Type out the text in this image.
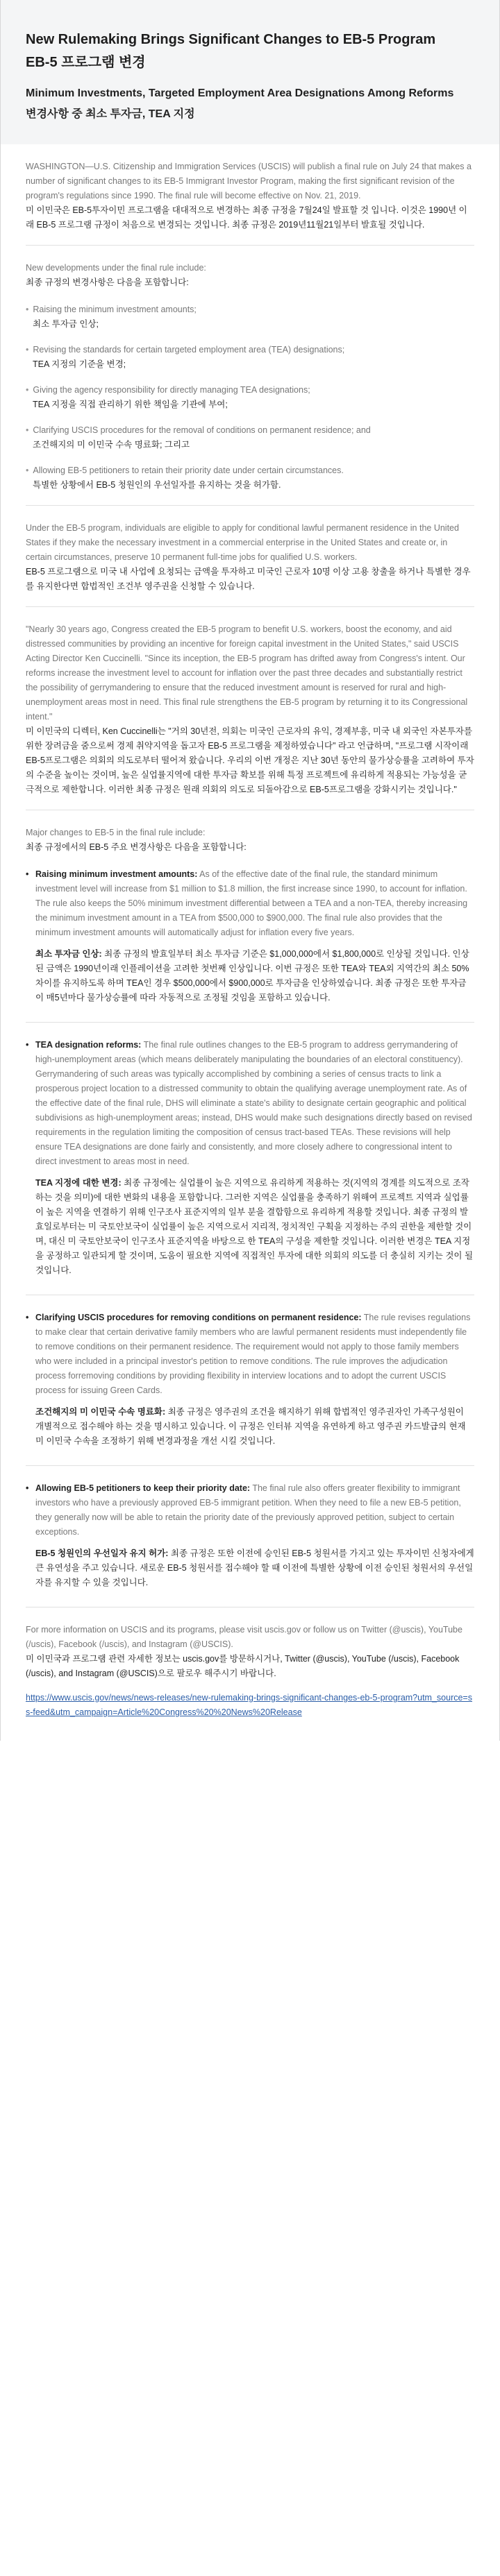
New Rulemaking Brings Significant Changes to EB-5 Program
EB-5 프로그램 변경
Minimum Investments, Targeted Employment Area Designations Among Reforms
변경사항 중 최소 투자금, TEA 지정

WASHINGTON—U.S. Citizenship and Immigration Services (USCIS) will publish a final rule on July 24 that makes a number of significant changes to its EB-5 Immigrant Investor Program, making the first significant revision of the program's regulations since 1990. The final rule will become effective on Nov. 21, 2019.

미 이민국은 EB-5투자이민 프로그램을 대대적으로 변경하는 최종 규정을 7월24일 발표할 것 입니다. 이것은 1990년 이래 EB-5 프로그램 규정이 처음으로 변경되는 것입니다. 최종 규정은 2019년11월21일부터 발효될 것입니다.

New developments under the final rule include:

최종 규정의 변경사항은 다음을 포함합니다:

• Raising the minimum investment amounts;

최소 투자금 인상;

• Revising the standards for certain targeted employment area (TEA) designations;

TEA 지정의 기준을 변경;

• Giving the agency responsibility for directly managing TEA designations;

TEA 지정을 직접 관리하기 위한 책임을 기관에 부여;

• Clarifying USCIS procedures for the removal of conditions on permanent residence; and

조건해지의 미 이민국 수속 명료화; 그리고

• Allowing EB-5 petitioners to retain their priority date under certain circumstances.

특별한 상황에서 EB-5 청원인의 우선일자를 유지하는 것을 허가함.

Under the EB-5 program, individuals are eligible to apply for conditional lawful permanent residence in the United States if they make the necessary investment in a commercial enterprise in the United States and create or, in certain circumstances, preserve 10 permanent full-time jobs for qualified U.S. workers.

EB-5 프로그램으로 미국 내 사업에 요청되는 금액을 투자하고 미국인 근로자 10명 이상 고용 창출을 하거나 특별한 경우를 유지한다면 합법적인 조건부 영주권을 신청할 수 있습니다.

"Nearly 30 years ago, Congress created the EB-5 program to benefit U.S. workers, boost the economy, and aid distressed communities by providing an incentive for foreign capital investment in the United States," said USCIS Acting Director Ken Cuccinelli. "Since its inception, the EB-5 program has drifted away from Congress's intent. Our reforms increase the investment level to account for inflation over the past three decades and substantially restrict the possibility of gerrymandering to ensure that the reduced investment amount is reserved for rural and high-unemployment areas most in need. This final rule strengthens the EB-5 program by returning it to its Congressional intent."

미 이민국의 디렉터, Ken Cuccinelli는 "거의 30년전, 의회는 미국인 근로자의 유익, 경제부흥, 미국 내 외국인 자본투자를 위한 장려금을 줌으로써 경제 취약지역을 돕고자 EB-5 프로그램을 제정하였습니다" 라고 언급하며, "프로그램 시작이래 EB-5프로그램은 의회의 의도로부터 떨어져 왔습니다. 우리의 이번 개정은 지난 30년 동안의 물가상승률을 고려하여 투자의 수준을 높이는 것이며, 높은 실업률지역에 대한 투자금 확보를 위해 특정 프로젝트에 유리하게 적용되는 가능성을 굳극적으로 제한합니다. 이러한 최종 규정은 원래 의회의 의도로 되돌아감으로 EB-5프로그램을 강화시키는 것입니다."

Major changes to EB-5 in the final rule include:

최종 규정에서의 EB-5 주요 변경사항은 다음을 포함합니다:

• Raising minimum investment amounts: As of the effective date of the final rule, the standard minimum investment level will increase from $1 million to $1.8 million, the first increase since 1990, to account for inflation. The rule also keeps the 50% minimum investment differential between a TEA and a non-TEA, thereby increasing the minimum investment amount in a TEA from $500,000 to $900,000. The final rule also provides that the minimum investment amounts will automatically adjust for inflation every five years.

최소 투자금 인상: 최종 규정의 발효일부터 최소 투자금 기준은 $1,000,000에서 $1,800,000로 인상될 것입니다. 인상된 금액은 1990년이래 인플레이션을 고려한 첫번째 인상입니다. 이번 규정은 또한 TEA와 TEA외 지역간의 최소 50% 차이를 유지하도록 하며 TEA인 경우 $500,000에서 $900,000로 투자금을 인상하였습니다. 최종 규정은 또한 투자금이 매5년마다 물가상승률에 따라 자동적으로 조정될 것임을 포함하고 있습니다.

• TEA designation reforms: The final rule outlines changes to the EB-5 program to address gerrymandering of high-unemployment areas (which means deliberately manipulating the boundaries of an electoral constituency). Gerrymandering of such areas was typically accomplished by combining a series of census tracts to link a prosperous project location to a distressed community to obtain the qualifying average unemployment rate. As of the effective date of the final rule, DHS will eliminate a state's ability to designate certain geographic and political subdivisions as high-unemployment areas; instead, DHS would make such designations directly based on revised requirements in the regulation limiting the composition of census tract-based TEAs. These revisions will help ensure TEA designations are done fairly and consistently, and more closely adhere to congressional intent to direct investment to areas most in need.

TEA 지정에 대한 변경: 최종 규정에는 실업률이 높은 지역으로 유리하게 적용하는 것(지역의 경계를 의도적으로 조작하는 것을 의미)에 대한 변화의 내용을 포함합니다. 그러한 지역은 실업률을 충족하기 위해여 프로젝트 지역과 실업률이 높은 지역을 연결하기 위해 인구조사 표준지역의 일부 분을 결합함으로 유리하게 적용할 것입니다. 최종 규정의 발효일로부터는 미 국토안보국이 실업률이 높은 지역으로서 지리적, 정치적인 구획을 지정하는 주의 권한을 제한할 것이며, 대신 미 국토안보국이 인구조사 표준지역을 바탕으로 한 TEA의 구성을 제한할 것입니다. 이러한 변경은 TEA 지정을 공정하고 일관되게 할 것이며, 도움이 필요한 지역에 직접적인 투자에 대한 의회의 의도를 더 충실히 지키는 것이 될 것입니다.

• Clarifying USCIS procedures for removing conditions on permanent residence: The rule revises regulations to make clear that certain derivative family members who are lawful permanent residents must independently file to remove conditions on their permanent residence. The requirement would not apply to those family members who were included in a principal investor's petition to remove conditions. The rule improves the adjudication process forremoving conditions by providing flexibility in interview locations and to adopt the current USCIS process for issuing Green Cards.

조건해지의 미 이민국 수속 명료화: 최종 규정은 영주권의 조건을 해지하기 위해 합법적인 영주권자인 가족구성원이 개별적으로 접수해야 하는 것을 명시하고 있습니다. 이 규정은 인터뷰 지역을 유연하게 하고 영주권 카드발급의 현재 미 이민국 수속을 조정하기 위해 변경과정을 개선 시킬 것입니다.

• Allowing EB-5 petitioners to keep their priority date: The final rule also offers greater flexibility to immigrant investors who have a previously approved EB-5 immigrant petition. When they need to file a new EB-5 petition, they generally now will be able to retain the priority date of the previously approved petition, subject to certain exceptions.

EB-5 청원인의 우선일자 유지 허가: 최종 규정은 또한 이전에 승인된 EB-5 청원서를 가지고 있는 투자이민 신청자에게 큰 유연성을 주고 있습니다. 새로운 EB-5 청원서를 접수해야 할 때 이전에 특별한 상황에 이전 승인된 청원서의 우선일자를 유지할 수 있을 것입니다.

For more information on USCIS and its programs, please visit uscis.gov or follow us on Twitter (@uscis), YouTube (/uscis), Facebook (/uscis), and Instagram (@USCIS).

미 이민국과 프로그램 관련 자세한 정보는 uscis.gov를 방문하시거나, Twitter (@uscis), YouTube (/uscis), Facebook (/uscis), and Instagram (@USCIS)으로 팔로우 해주시기 바랍니다.

https://www.uscis.gov/news/news-releases/new-rulemaking-brings-significant-changes-eb-5-program?utm_source=ss-feed&utm_campaign=Article%20Congress%20%20News%20Release
